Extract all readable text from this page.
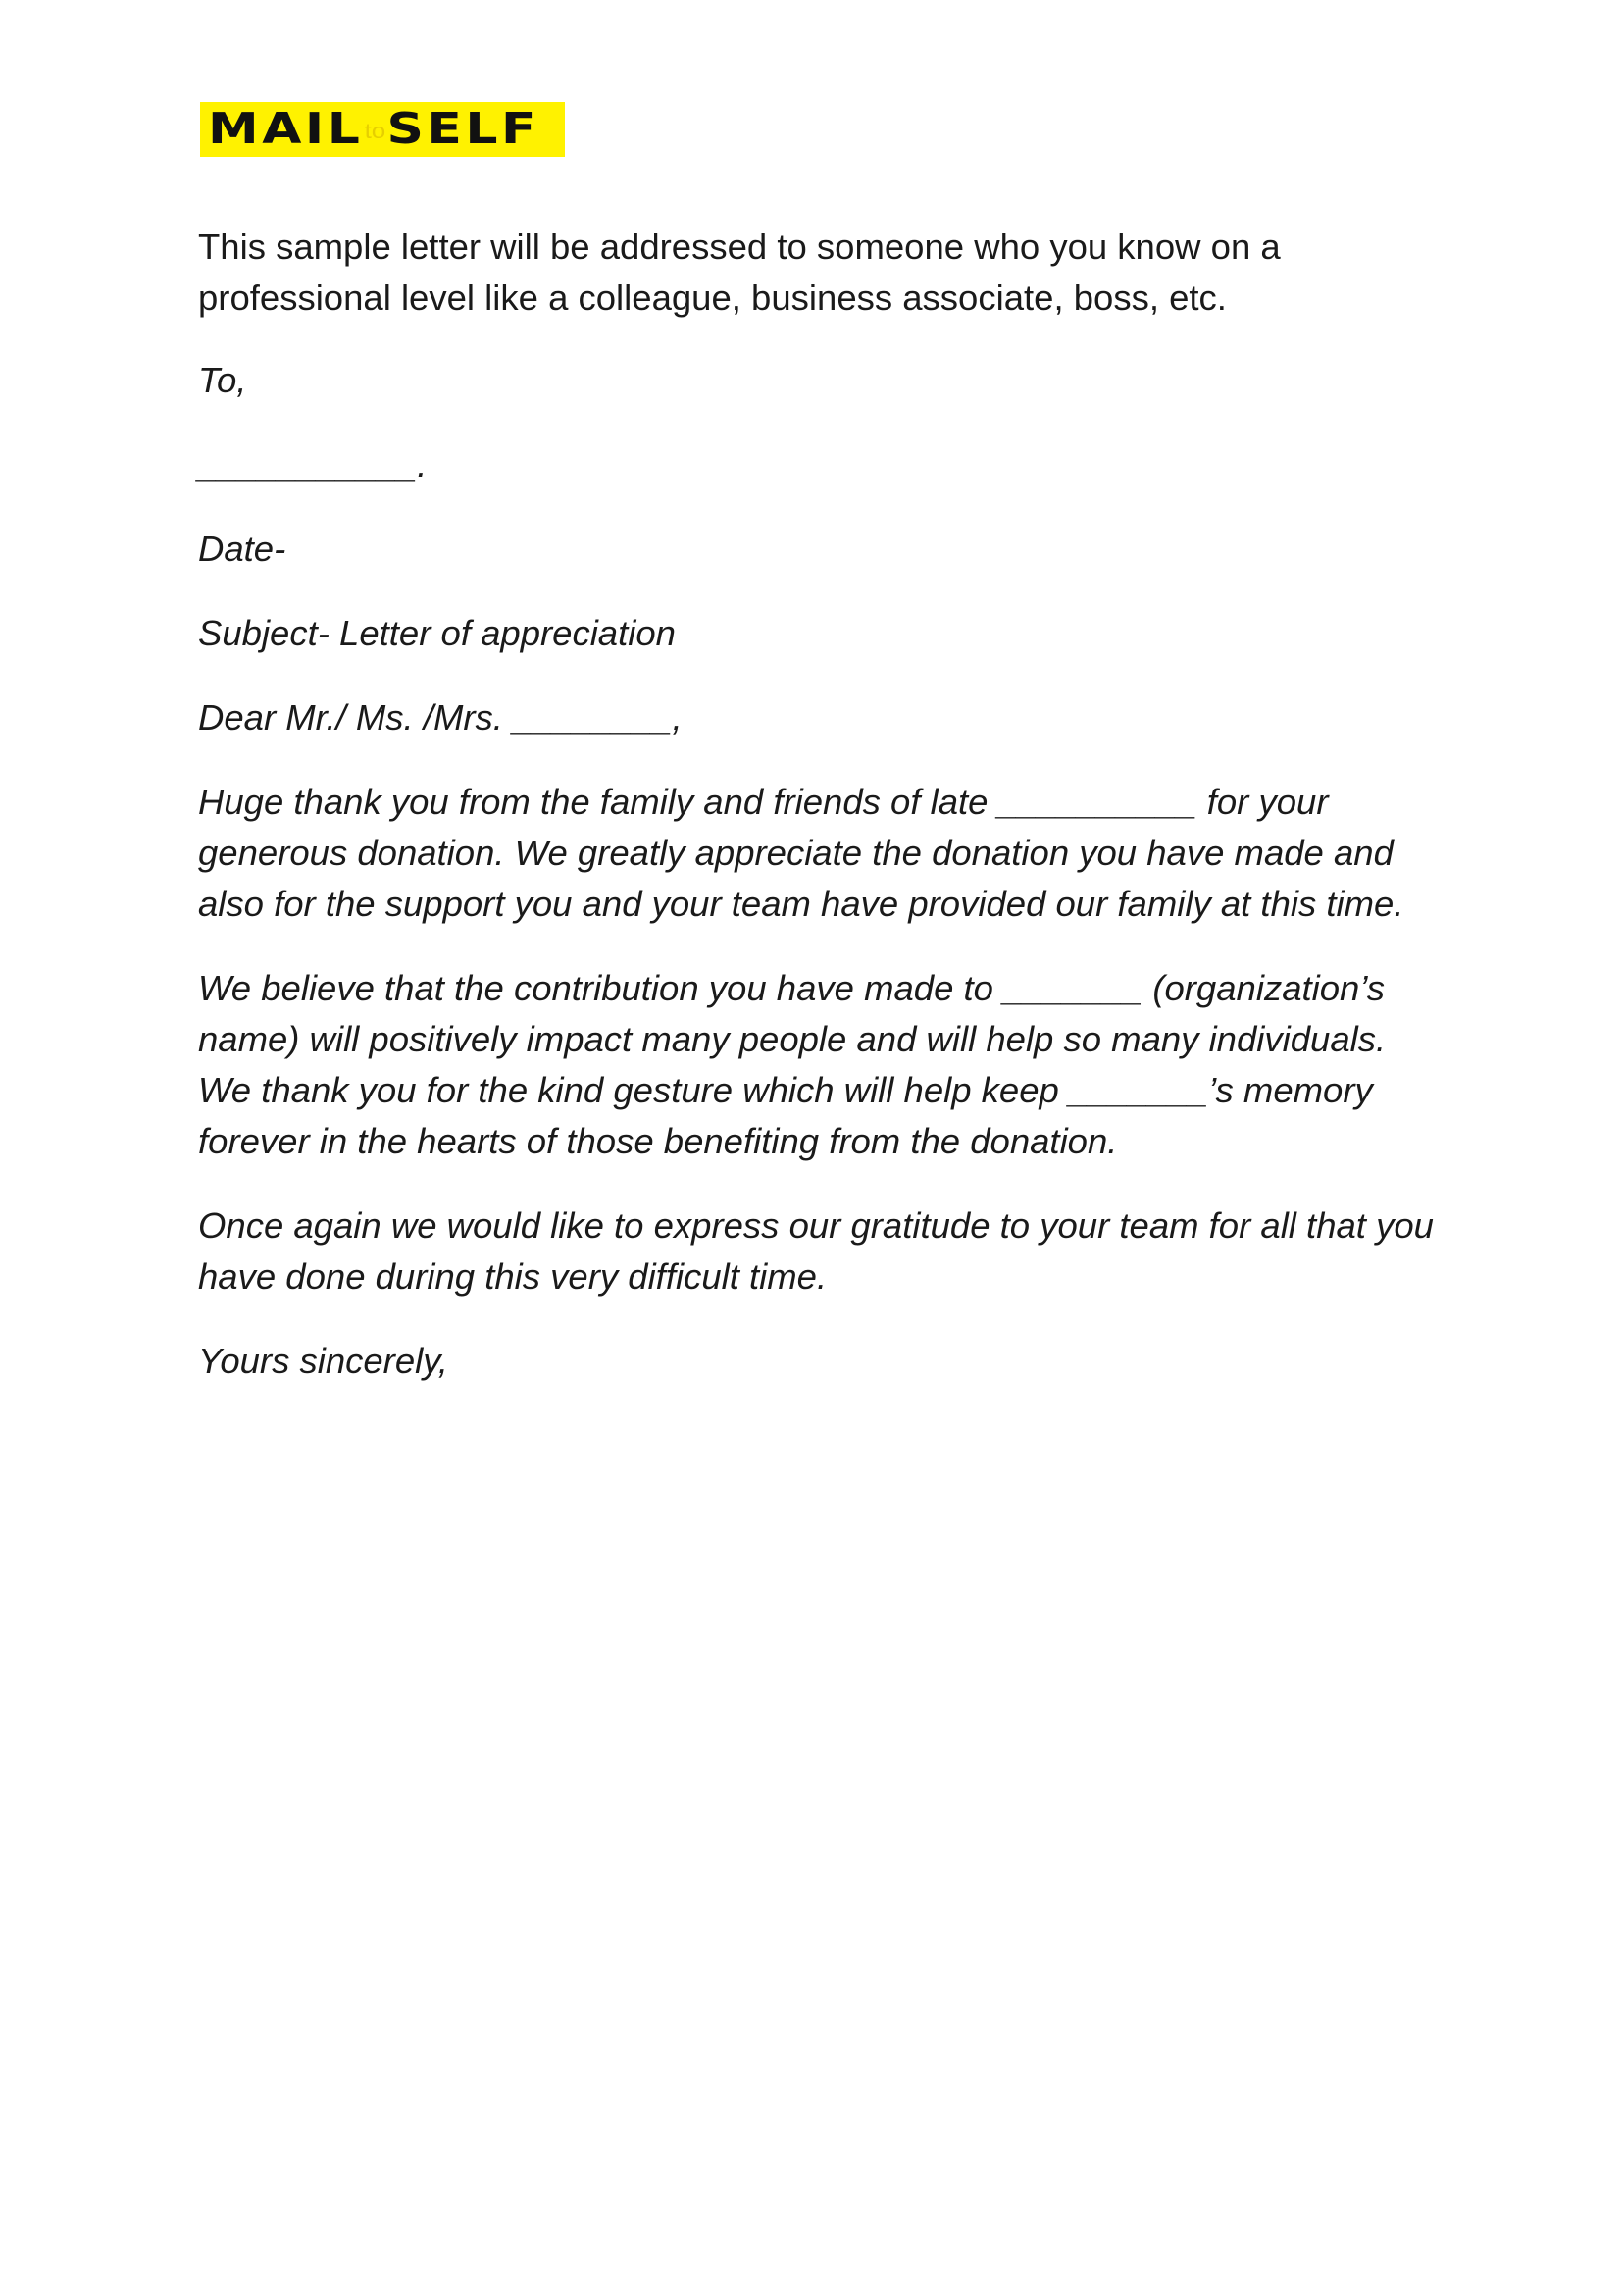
MAILtoSELF

This sample letter will be addressed to someone who you know on a professional level like a colleague, business associate, boss, etc.

To,

___________.

Date-

Subject- Letter of appreciation

Dear Mr./ Ms. /Mrs. ________,

Huge thank you from the family and friends of late __________ for your generous donation. We greatly appreciate the donation you have made and also for the support you and your team have provided our family at this time.

We believe that the contribution you have made to _______ (organization’s name) will positively impact many people and will help so many individuals. We thank you for the kind gesture which will help keep _______’s memory forever in the hearts of those benefiting from the donation.

Once again we would like to express our gratitude to your team for all that you have done during this very difficult time.

Yours sincerely,
